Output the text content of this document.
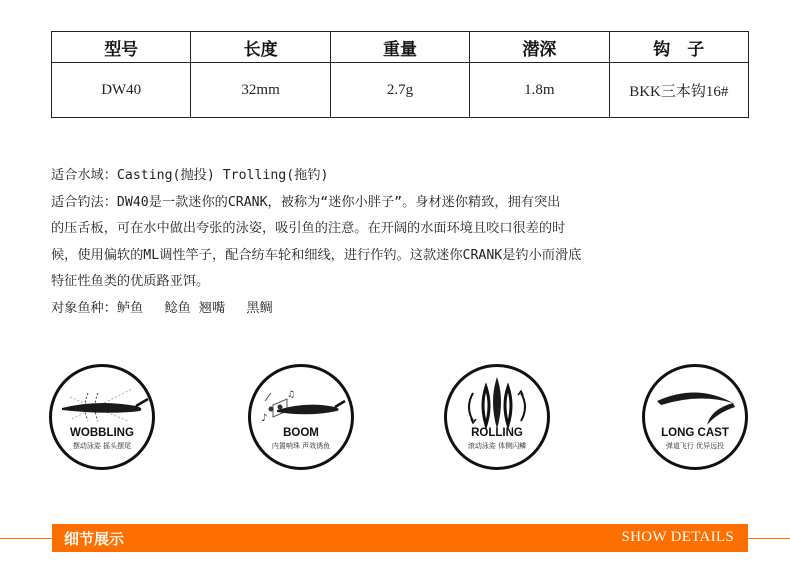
型号	长度	重量	潜深	钩　子
DW40	32mm	2.7g	1.8m	BKK三本钩16#

适合水域：Casting(抛投) Trolling(拖钓)

适合钓法：DW40是一款迷你的CRANK，被称为“迷你小胖子”。身材迷你精致，拥有突出

的压舌板，可在水中做出夸张的泳姿，吸引鱼的注意。在开阔的水面环境且咬口很差的时

候，使用偏软的ML调性竿子，配合纺车轮和细线，进行作钓。这款迷你CRANK是钓小而滑底

特征性鱼类的优质路亚饵。

对象鱼种：鲈鱼　 鲶鱼 翘嘴　 黑鲷

WOBBLING
摆动泳姿 摇头摆尾
♪
♫
BOOM
内置响珠 声效诱鱼
ROLLING
滚动泳姿 体侧闪鳞
LONG CAST
弹道飞行 优异远投
细节展示	SHOW DETAILS
